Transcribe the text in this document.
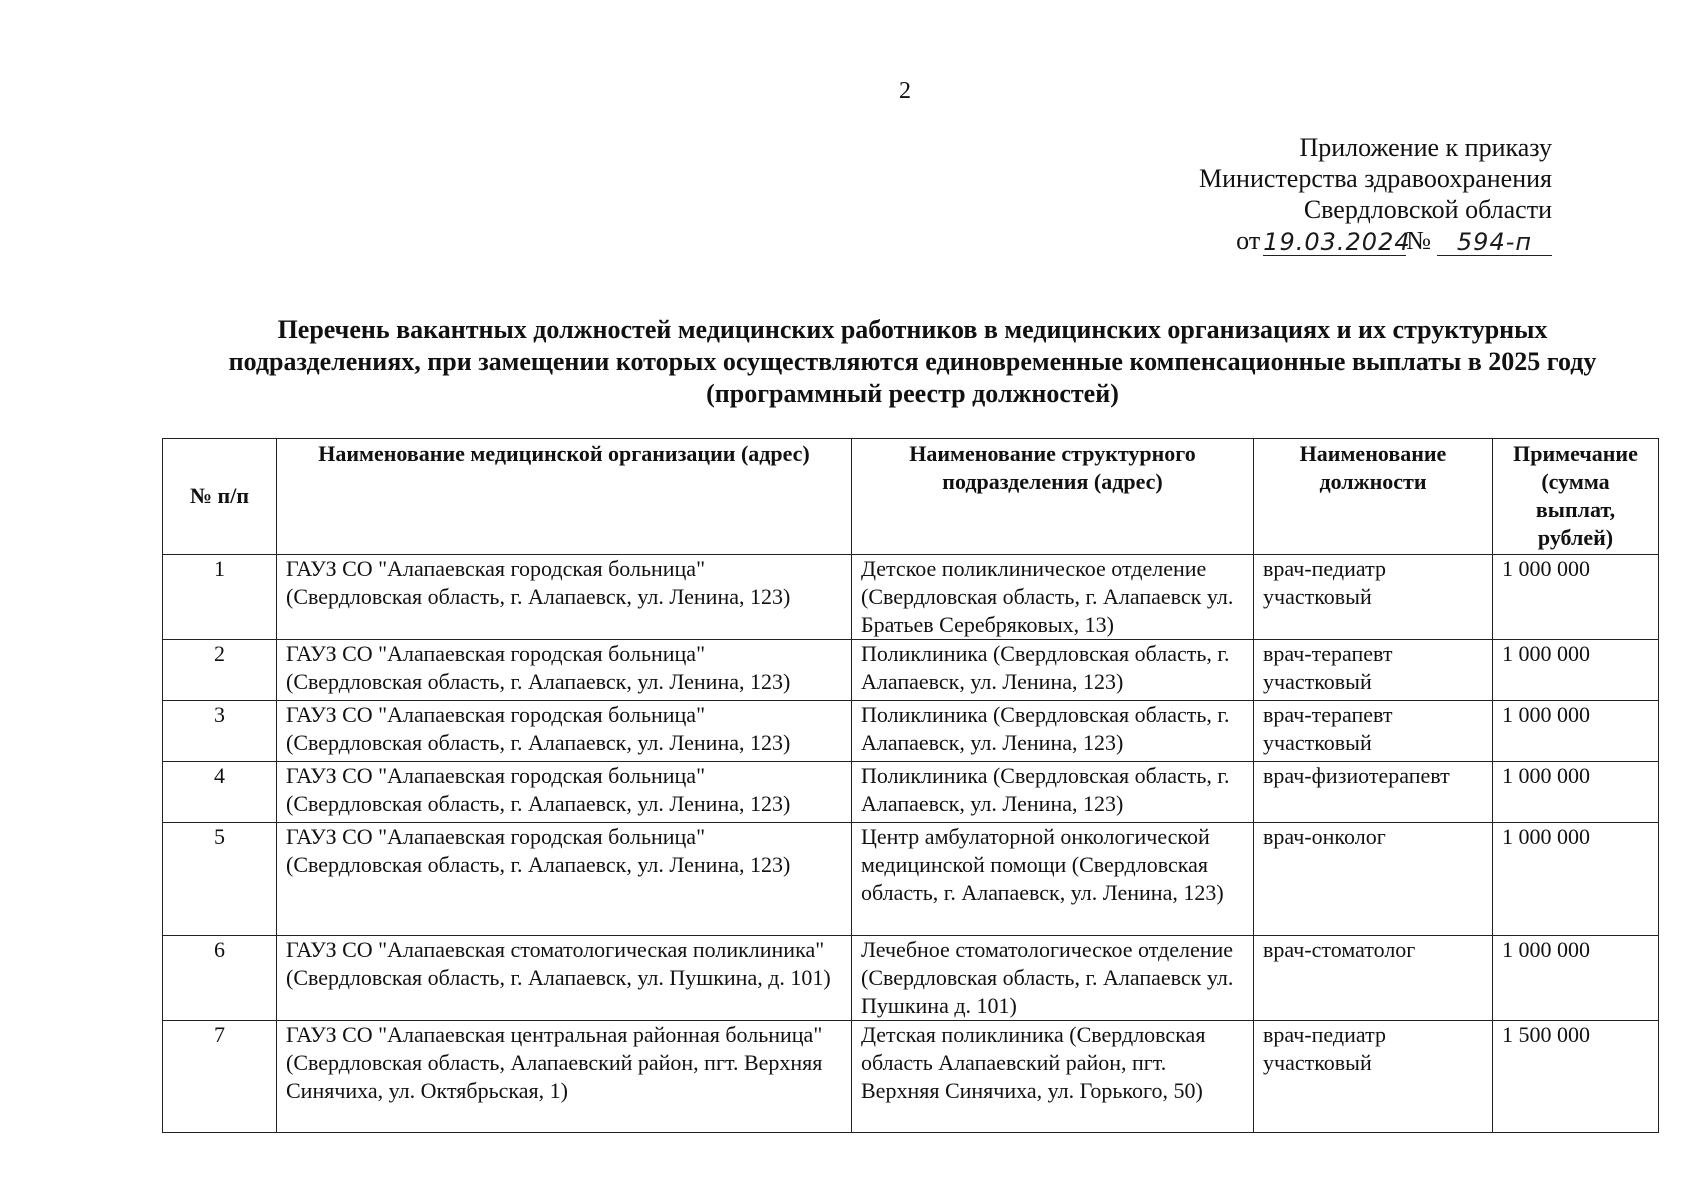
2
Приложение к приказу
Министерства здравоохранения
Свердловской области
от 19.03.2024
№	594-п
Перечень вакантных должностей медицинских работников в медицинских организациях и их структурных
подразделениях, при замещении которых осуществляются единовременные компенсационные выплаты в 2025 году
(программный реестр должностей)
№ п/п	Наименование медицинской организации (адрес)	Наименование структурного подразделения (адрес)	Наименование должности	Примечание (сумма выплат, рублей)
1	ГАУЗ СО "Алапаевская городская больница" (Свердловская область, г. Алапаевск, ул. Ленина, 123)	Детское поликлиническое отделение (Свердловская область, г. Алапаевск ул. Братьев Серебряковых, 13)	врач-педиатр участковый	1 000 000
2	ГАУЗ СО "Алапаевская городская больница" (Свердловская область, г. Алапаевск, ул. Ленина, 123)	Поликлиника (Свердловская область, г. Алапаевск, ул. Ленина, 123)	врач-терапевт участковый	1 000 000
3	ГАУЗ СО "Алапаевская городская больница" (Свердловская область, г. Алапаевск, ул. Ленина, 123)	Поликлиника (Свердловская область, г. Алапаевск, ул. Ленина, 123)	врач-терапевт участковый	1 000 000
4	ГАУЗ СО "Алапаевская городская больница" (Свердловская область, г. Алапаевск, ул. Ленина, 123)	Поликлиника (Свердловская область, г. Алапаевск, ул. Ленина, 123)	врач-физиотерапевт	1 000 000
5	ГАУЗ СО "Алапаевская городская больница" (Свердловская область, г. Алапаевск, ул. Ленина, 123)	Центр амбулаторной онкологической медицинской помощи (Свердловская область, г. Алапаевск, ул. Ленина, 123)	врач-онколог	1 000 000
6	ГАУЗ СО "Алапаевская стоматологическая поликлиника" (Свердловская область, г. Алапаевск, ул. Пушкина, д. 101)	Лечебное стоматологическое отделение (Свердловская область, г. Алапаевск ул. Пушкина д. 101)	врач-стоматолог	1 000 000
7	ГАУЗ СО "Алапаевская центральная районная больница" (Свердловская область, Алапаевский район, пгт. Верхняя Синячиха, ул. Октябрьская, 1)	Детская поликлиника (Свердловская область Алапаевский район, пгт. Верхняя Синячиха, ул. Горького, 50)	врач-педиатр участковый	1 500 000
